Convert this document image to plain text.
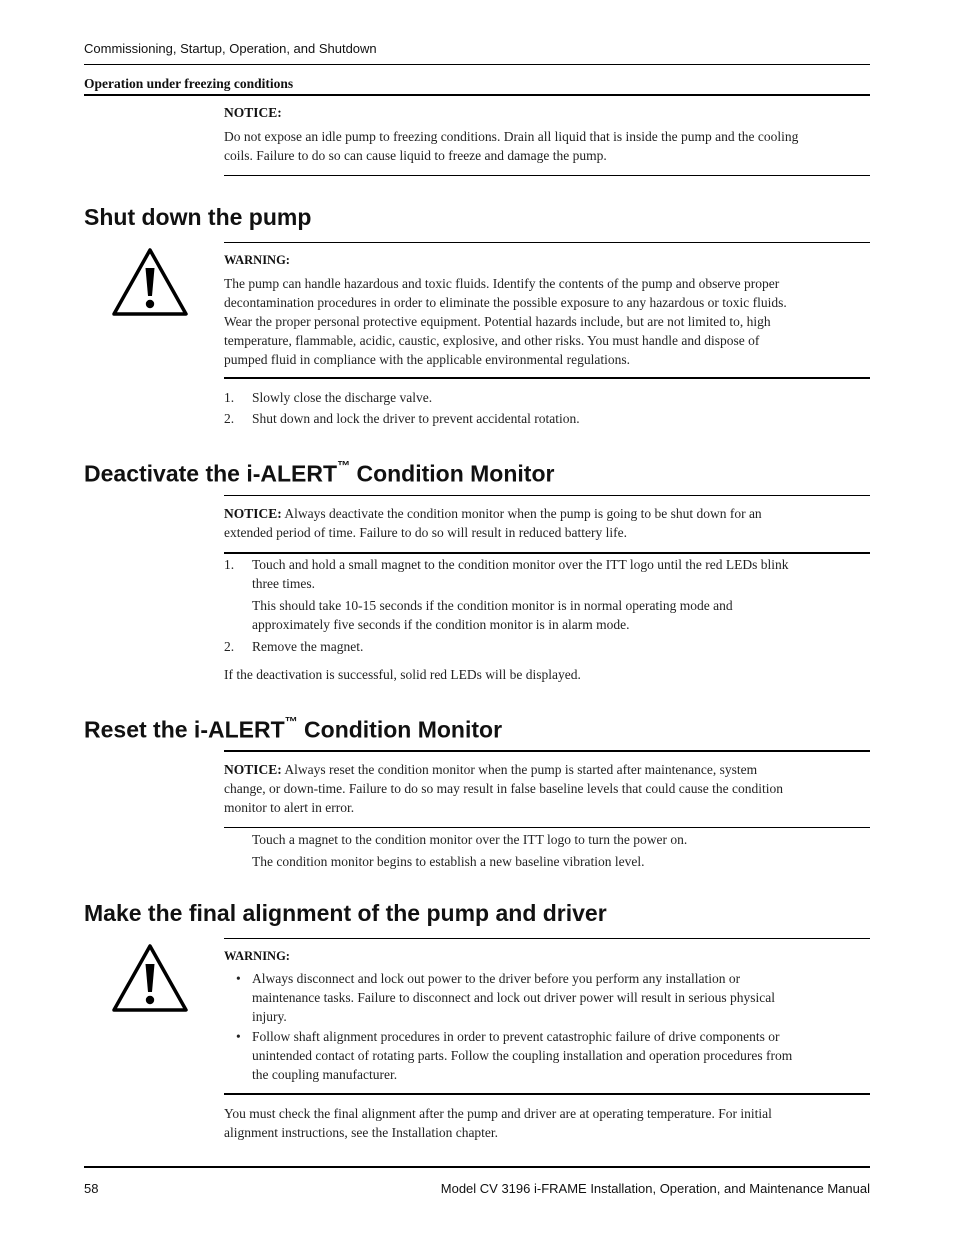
Commissioning, Startup, Operation, and Shutdown
Operation under freezing conditions
NOTICE:
Do not expose an idle pump to freezing conditions. Drain all liquid that is inside the pump and the cooling
coils. Failure to do so can cause liquid to freeze and damage the pump.
Shut down the pump
WARNING:
The pump can handle hazardous and toxic fluids. Identify the contents of the pump and observe proper
decontamination procedures in order to eliminate the possible exposure to any hazardous or toxic fluids.
Wear the proper personal protective equipment. Potential hazards include, but are not limited to, high
temperature, flammable, acidic, caustic, explosive, and other risks. You must handle and dispose of
pumped fluid in compliance with the applicable environmental regulations.
1. Slowly close the discharge valve.
2. Shut down and lock the driver to prevent accidental rotation.
Deactivate the i-ALERT™ Condition Monitor
NOTICE: Always deactivate the condition monitor when the pump is going to be shut down for an
extended period of time. Failure to do so will result in reduced battery life.
1. Touch and hold a small magnet to the condition monitor over the ITT logo until the red LEDs blink
three times.
This should take 10-15 seconds if the condition monitor is in normal operating mode and
approximately five seconds if the condition monitor is in alarm mode.
2. Remove the magnet.
If the deactivation is successful, solid red LEDs will be displayed.
Reset the i-ALERT™ Condition Monitor
NOTICE: Always reset the condition monitor when the pump is started after maintenance, system
change, or down-time. Failure to do so may result in false baseline levels that could cause the condition
monitor to alert in error.
Touch a magnet to the condition monitor over the ITT logo to turn the power on.
The condition monitor begins to establish a new baseline vibration level.
Make the final alignment of the pump and driver
WARNING:
• Always disconnect and lock out power to the driver before you perform any installation or
maintenance tasks. Failure to disconnect and lock out driver power will result in serious physical
injury.
• Follow shaft alignment procedures in order to prevent catastrophic failure of drive components or
unintended contact of rotating parts. Follow the coupling installation and operation procedures from
the coupling manufacturer.
You must check the final alignment after the pump and driver are at operating temperature. For initial
alignment instructions, see the Installation chapter.
58	Model CV 3196 i-FRAME Installation, Operation, and Maintenance Manual
